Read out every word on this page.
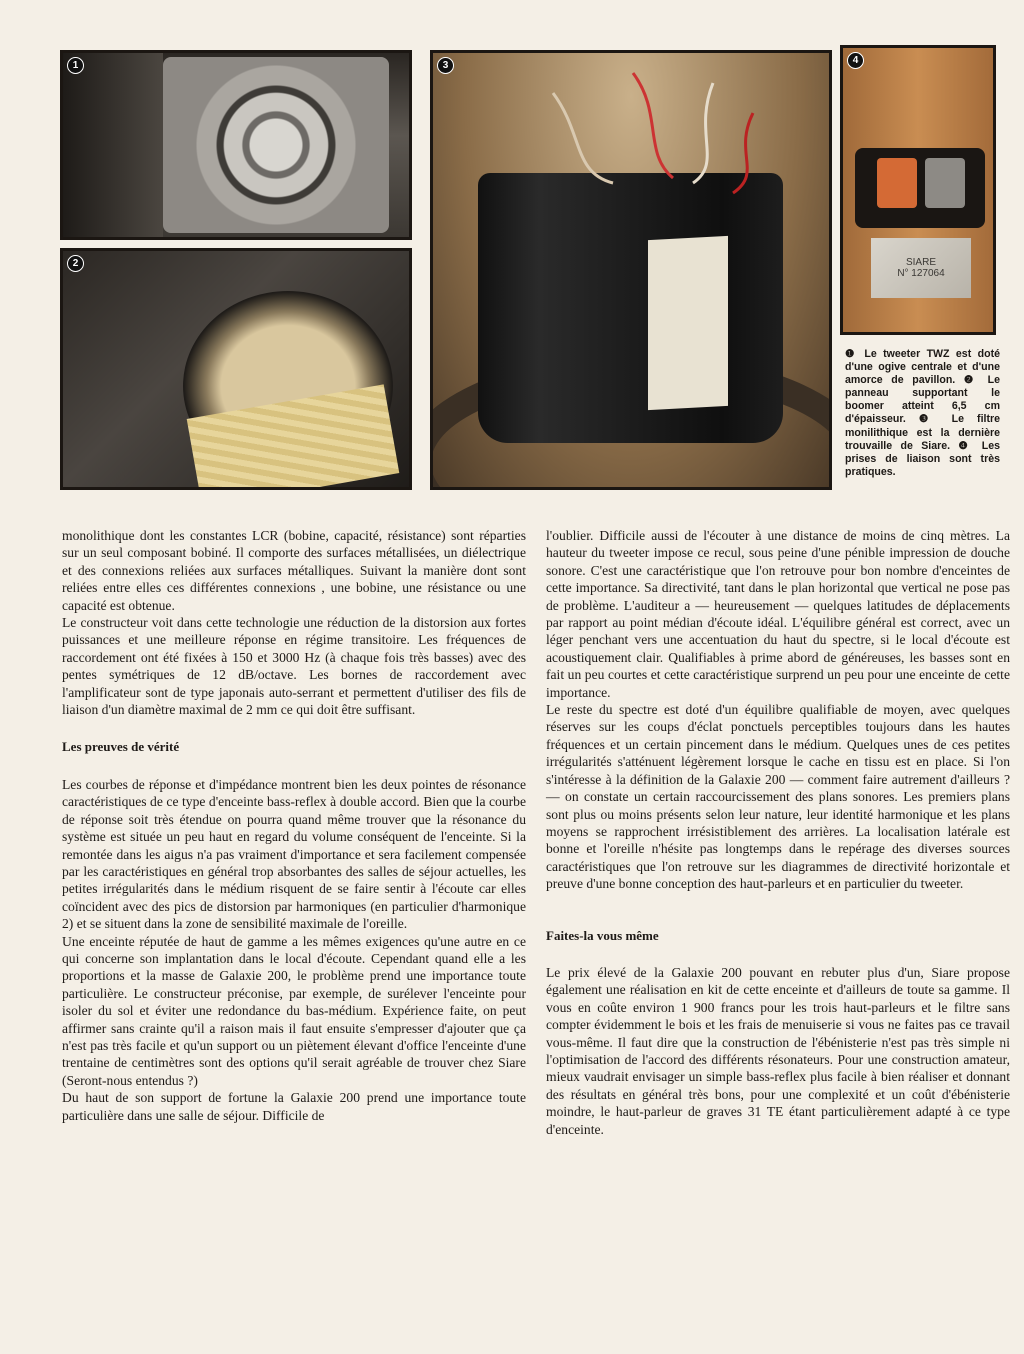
1
2
3
SIARE
N° 127064
4
❶ Le tweeter TWZ est doté d'une ogive centrale et d'une amorce de pavillon. ❷ Le panneau supportant le boomer atteint 6,5 cm d'épaisseur. ❸ Le filtre monilithique est la dernière trouvaille de Siare. ❹ Les prises de liaison sont très pratiques.

monolithique dont les constantes LCR (bobine, capacité, résistance) sont réparties sur un seul composant bobiné. Il comporte des surfaces métallisées, un diélectrique et des connexions reliées aux surfaces métalliques. Suivant la manière dont sont reliées entre elles ces différentes connexions , une bobine, une résistance ou une capacité est obtenue.

Le constructeur voit dans cette technologie une réduction de la distorsion aux fortes puissances et une meilleure réponse en régime transitoire. Les fréquences de raccordement ont été fixées à 150 et 3000 Hz (à chaque fois très basses) avec des pentes symétriques de 12 dB/octave. Les bornes de raccordement avec l'amplificateur sont de type japonais auto-serrant et permettent d'utiliser des fils de liaison d'un diamètre maximal de 2 mm ce qui doit être suffisant.

Les preuves de vérité

Les courbes de réponse et d'impédance montrent bien les deux pointes de résonance caractéristiques de ce type d'enceinte bass-reflex à double accord. Bien que la courbe de réponse soit très étendue on pourra quand même trouver que la résonance du système est située un peu haut en regard du volume conséquent de l'enceinte. Si la remontée dans les aigus n'a pas vraiment d'importance et sera facilement compensée par les caractéristiques en général trop absorbantes des salles de séjour actuelles, les petites irrégularités dans le médium risquent de se faire sentir à l'écoute car elles coïncident avec des pics de distorsion par harmoniques (en particulier d'harmonique 2) et se situent dans la zone de sensibilité maximale de l'oreille.

Une enceinte réputée de haut de gamme a les mêmes exigences qu'une autre en ce qui concerne son implantation dans le local d'écoute. Cependant quand elle a les proportions et la masse de Galaxie 200, le problème prend une importance toute particulière. Le constructeur préconise, par exemple, de surélever l'enceinte pour isoler du sol et éviter une redondance du bas-médium. Expérience faite, on peut affirmer sans crainte qu'il a raison mais il faut ensuite s'empresser d'ajouter que ça n'est pas très facile et qu'un support ou un piètement élevant d'office l'enceinte d'une trentaine de centimètres sont des options qu'il serait agréable de trouver chez Siare (Seront-nous entendus ?)

Du haut de son support de fortune la Galaxie 200 prend une importance toute particulière dans une salle de séjour. Difficile de

l'oublier. Difficile aussi de l'écouter à une distance de moins de cinq mètres. La hauteur du tweeter impose ce recul, sous peine d'une pénible impression de douche sonore. C'est une caractéristique que l'on retrouve pour bon nombre d'enceintes de cette importance. Sa directivité, tant dans le plan horizontal que vertical ne pose pas de problème. L'auditeur a — heureusement — quelques latitudes de déplacements par rapport au point médian d'écoute idéal. L'équilibre général est correct, avec un léger penchant vers une accentuation du haut du spectre, si le local d'écoute est acoustiquement clair. Qualifiables à prime abord de généreuses, les basses sont en fait un peu courtes et cette caractéristique surprend un peu pour une enceinte de cette importance.

Le reste du spectre est doté d'un équilibre qualifiable de moyen, avec quelques réserves sur les coups d'éclat ponctuels perceptibles toujours dans les hautes fréquences et un certain pincement dans le médium. Quelques unes de ces petites irrégularités s'atténuent légèrement lorsque le cache en tissu est en place. Si l'on s'intéresse à la définition de la Galaxie 200 — comment faire autrement d'ailleurs ? — on constate un certain raccourcissement des plans sonores. Les premiers plans sont plus ou moins présents selon leur nature, leur identité harmonique et les plans moyens se rapprochent irrésistiblement des arrières. La localisation latérale est bonne et l'oreille n'hésite pas longtemps dans le repérage des diverses sources caractéristiques que l'on retrouve sur les diagrammes de directivité horizontale et preuve d'une bonne conception des haut-parleurs et en particulier du tweeter.

Faites-la vous même

Le prix élevé de la Galaxie 200 pouvant en rebuter plus d'un, Siare propose également une réalisation en kit de cette enceinte et d'ailleurs de toute sa gamme. Il vous en coûte environ 1 900 francs pour les trois haut-parleurs et le filtre sans compter évidemment le bois et les frais de menuiserie si vous ne faites pas ce travail vous-même. Il faut dire que la construction de l'ébénisterie n'est pas très simple ni l'optimisation de l'accord des différents résonateurs. Pour une construction amateur, mieux vaudrait envisager un simple bass-reflex plus facile à bien réaliser et donnant des résultats en général très bons, pour une complexité et un coût d'ébénisterie moindre, le haut-parleur de graves 31 TE étant particulièrement adapté à ce type d'enceinte.
